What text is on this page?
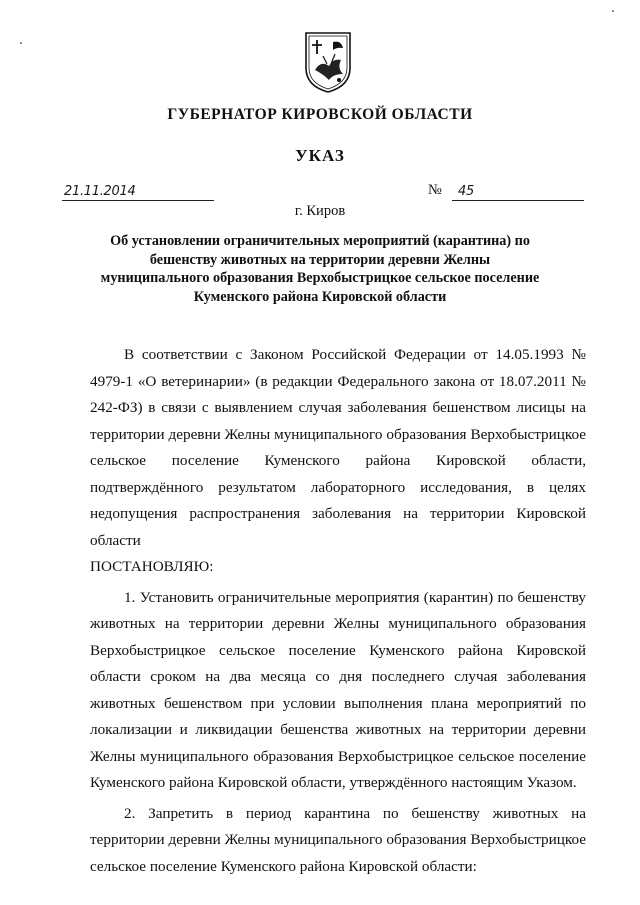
ГУБЕРНАТОР КИРОВСКОЙ ОБЛАСТИ
УКАЗ
21.11.2014	№ 45
г. Киров
Об установлении ограничительных мероприятий (карантина) по бешенству животных на территории деревни Желны муниципального образования Верхобыстрицкое сельское поселение Куменского района Кировской области

В соответствии с Законом Российской Федерации от 14.05.1993 № 4979-1 «О ветеринарии» (в редакции Федерального закона от 18.07.2011 № 242-ФЗ) в связи с выявлением случая заболевания бешенством лисицы на территории деревни Желны муниципального образования Верхобыстрицкое сельское поселение Куменского района Кировской области, подтверждённого результатом лабораторного исследования, в целях недопущения распространения заболевания на территории Кировской области

ПОСТАНОВЛЯЮ:

1. Установить ограничительные мероприятия (карантин) по бешенству животных на территории деревни Желны муниципального образования Верхобыстрицкое сельское поселение Куменского района Кировской области сроком на два месяца со дня последнего случая заболевания животных бешенством при условии выполнения плана мероприятий по локализации и ликвидации бешенства животных на территории деревни Желны муниципального образования Верхобыстрицкое сельское поселение Куменского района Кировской области, утверждённого настоящим Указом.

2. Запретить в период карантина по бешенству животных на территории деревни Желны муниципального образования Верхобыстрицкое сельское поселение Куменского района Кировской области:
